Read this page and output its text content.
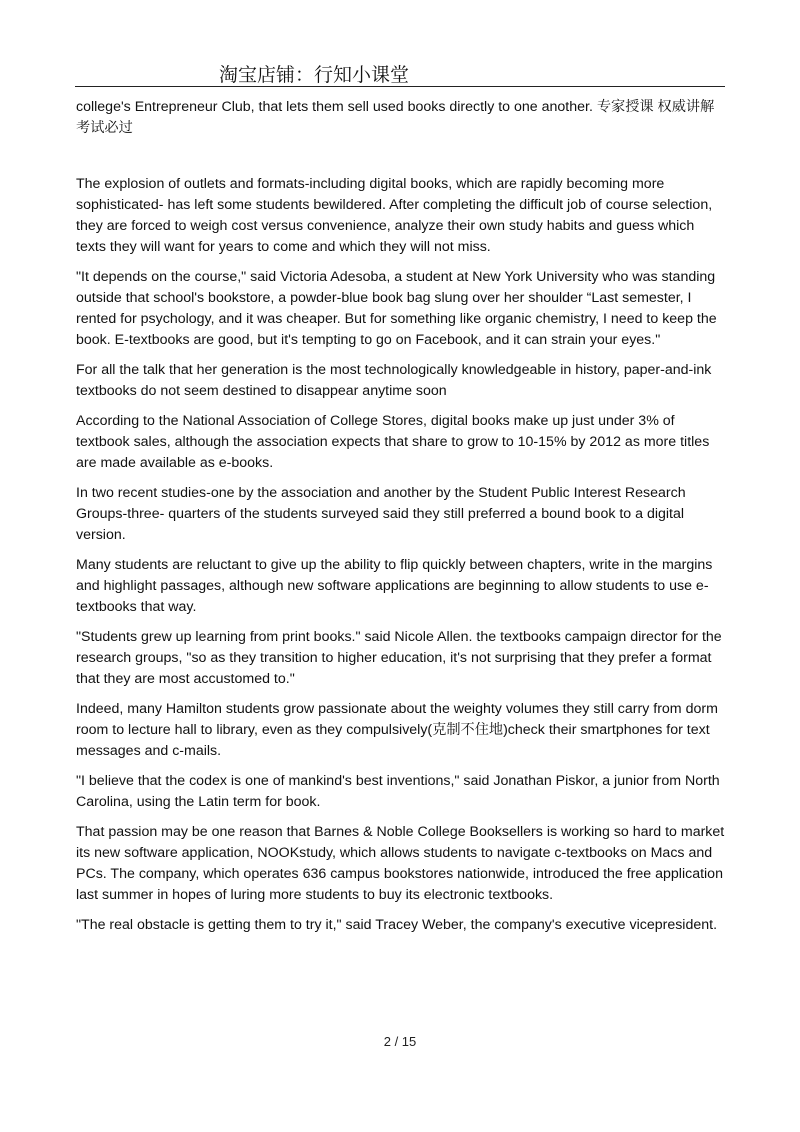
淘宝店铺：行知小课堂

college's Entrepreneur Club, that lets them sell used books directly to one another. 专家授课 权威讲解 考试必过

The explosion of outlets and formats-including digital books, which are rapidly becoming more sophisticated- has left some students bewildered. After completing the difficult job of course selection, they are forced to weigh cost versus convenience, analyze their own study habits and guess which texts they will want for years to come and which they will not miss.

"It depends on the course," said Victoria Adesoba, a student at New York University who was standing outside that school's bookstore, a powder-blue book bag slung over her shoulder “Last semester, I rented for psychology, and it was cheaper. But for something like organic chemistry, I need to keep the book. E-textbooks are good, but it's tempting to go on Facebook, and it can strain your eyes."

For all the talk that her generation is the most technologically knowledgeable in history, paper-and-ink textbooks do not seem destined to disappear anytime soon

According to the National Association of College Stores, digital books make up just under 3% of textbook sales, although the association expects that share to grow to 10-15% by 2012 as more titles are made available as e-books.

In two recent studies-one by the association and another by the Student Public Interest Research Groups-three- quarters of the students surveyed said they still preferred a bound book to a digital version.

Many students are reluctant to give up the ability to flip quickly between chapters, write in the margins and highlight passages, although new software applications are beginning to allow students to use e-textbooks that way.

"Students grew up learning from print books." said Nicole Allen. the textbooks campaign director for the research groups, "so as they transition to higher education, it's not surprising that they prefer a format that they are most accustomed to."

Indeed, many Hamilton students grow passionate about the weighty volumes they still carry from dorm room to lecture hall to library, even as they compulsively(克制不住地)check their smartphones for text messages and c-mails.

"I believe that the codex is one of mankind's best inventions," said Jonathan Piskor, a junior from North Carolina, using the Latin term for book.

That passion may be one reason that Barnes & Noble College Booksellers is working so hard to market its new software application, NOOKstudy, which allows students to navigate c-textbooks on Macs and PCs. The company, which operates 636 campus bookstores nationwide, introduced the free application last summer in hopes of luring more students to buy its electronic textbooks.

"The real obstacle is getting them to try it," said Tracey Weber, the company's executive vicepresident.

2 / 15
